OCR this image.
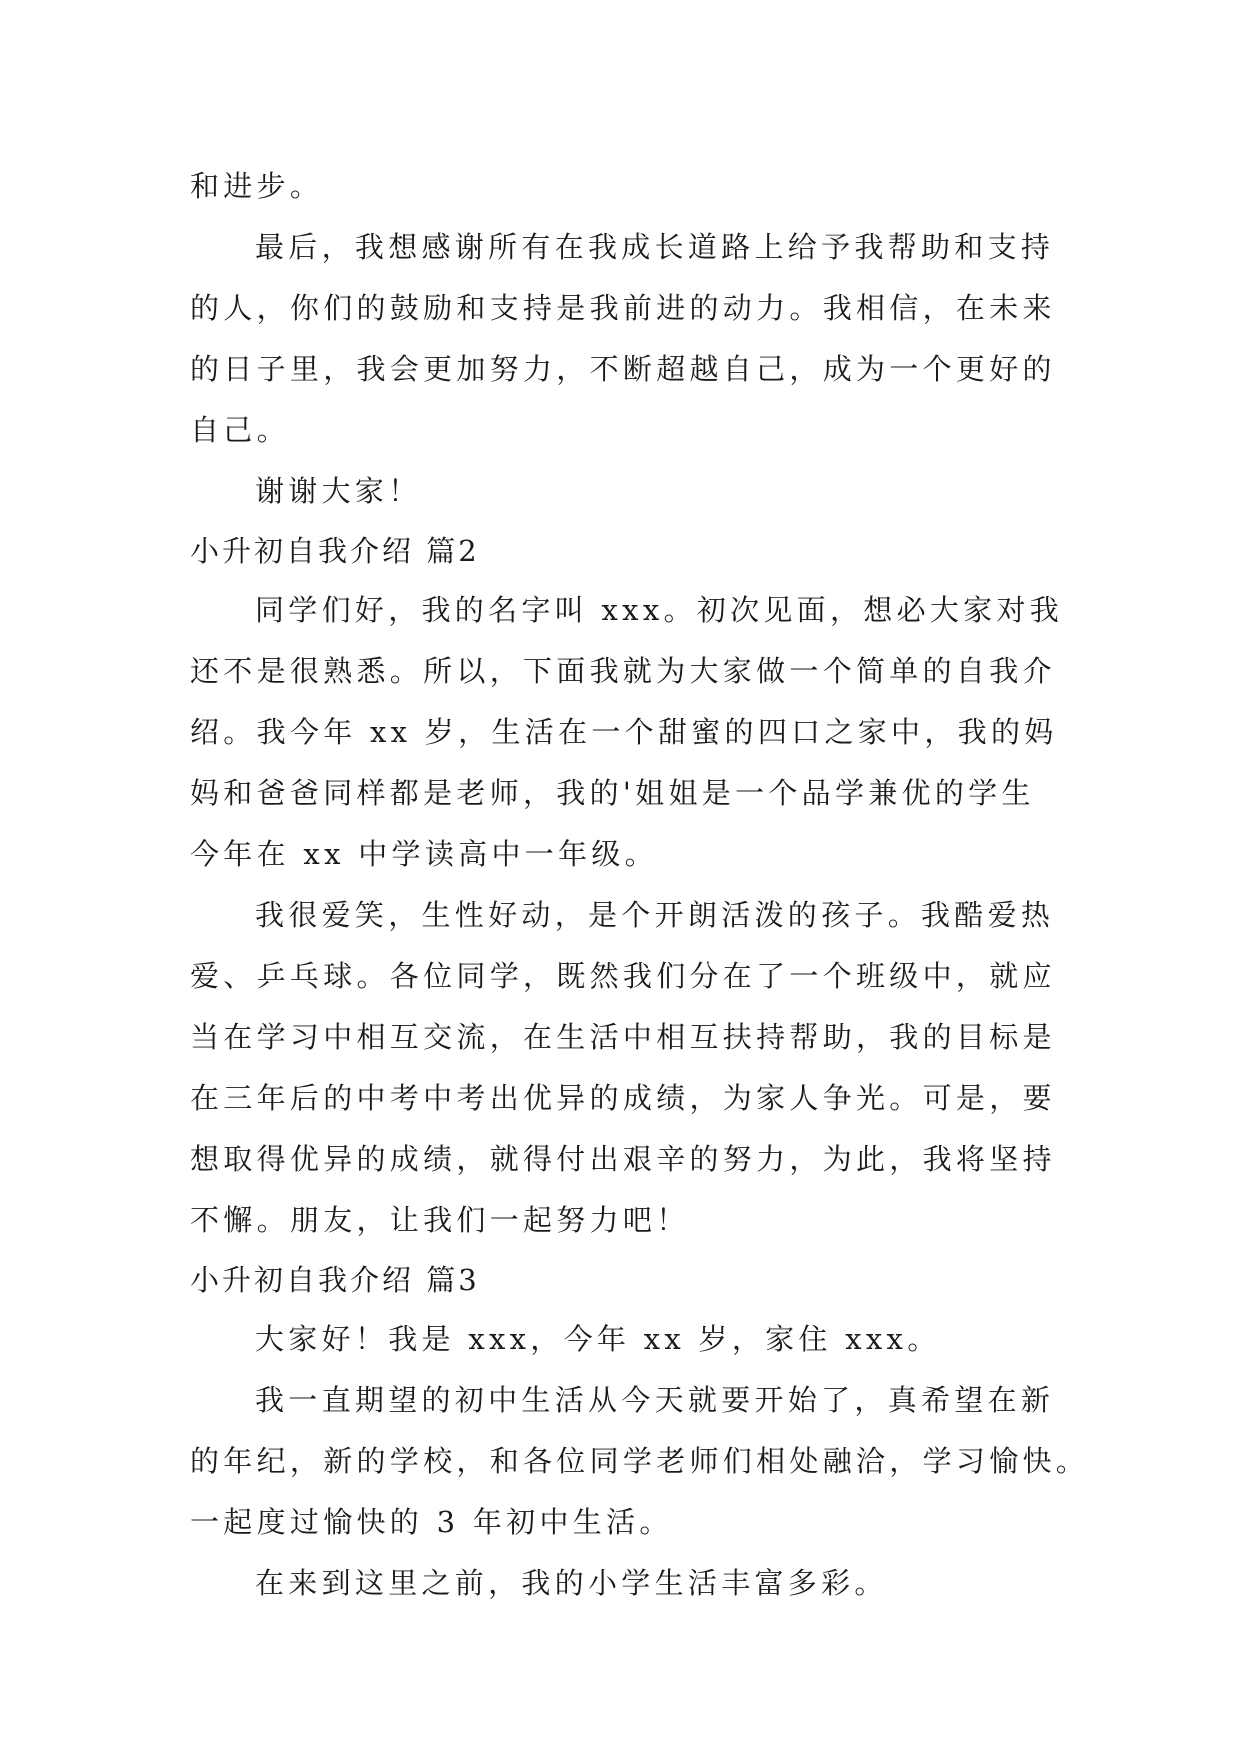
和进步。
最后，我想感谢所有在我成长道路上给予我帮助和支持
的人，你们的鼓励和支持是我前进的动力。我相信，在未来
的日子里，我会更加努力，不断超越自己，成为一个更好的
自己。
谢谢大家！
小升初自我介绍 篇2
同学们好，我的名字叫 xxx。初次见面，想必大家对我
还不是很熟悉。所以，下面我就为大家做一个简单的自我介
绍。我今年 xx 岁，生活在一个甜蜜的四口之家中，我的妈
妈和爸爸同样都是老师，我的'姐姐是一个品学兼优的学生
今年在 xx 中学读高中一年级。
我很爱笑，生性好动，是个开朗活泼的孩子。我酷爱热
爱、乒乓球。各位同学，既然我们分在了一个班级中，就应
当在学习中相互交流，在生活中相互扶持帮助，我的目标是
在三年后的中考中考出优异的成绩，为家人争光。可是，要
想取得优异的成绩，就得付出艰辛的努力，为此，我将坚持
不懈。朋友，让我们一起努力吧！
小升初自我介绍 篇3
大家好！我是 xxx，今年 xx 岁，家住 xxx。
我一直期望的初中生活从今天就要开始了，真希望在新
的年纪，新的学校，和各位同学老师们相处融洽，学习愉快。
一起度过愉快的 3 年初中生活。
在来到这里之前，我的小学生活丰富多彩。
